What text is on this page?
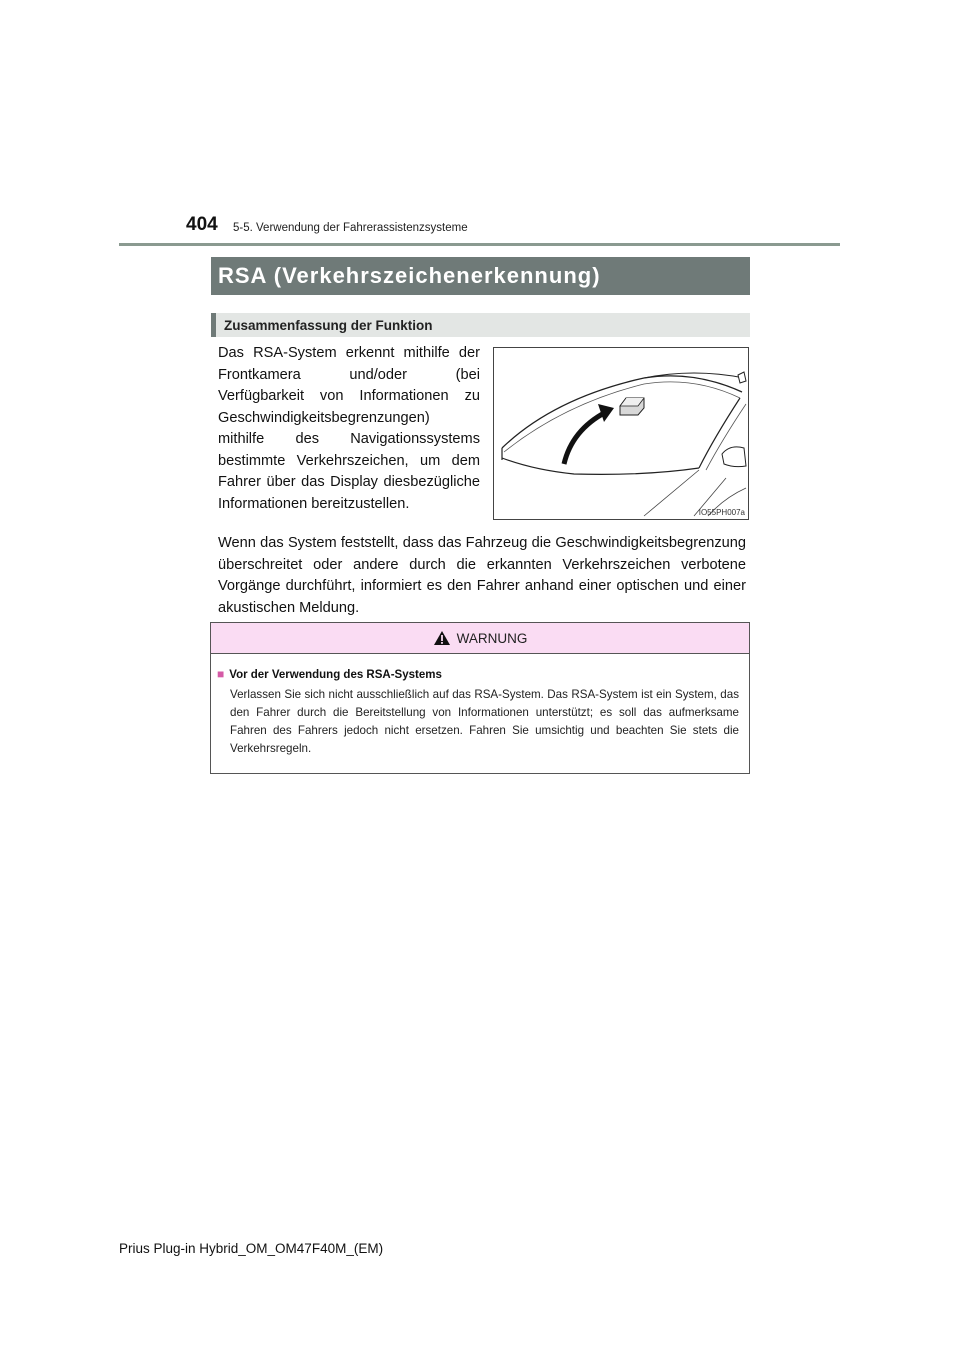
404 5-5. Verwendung der Fahrerassistenzsysteme
RSA (Verkehrszeichenerkennung)
Zusammenfassung der Funktion
Das RSA-System erkennt mithilfe der Frontkamera und/oder (bei Verfügbarkeit von Informationen zu Geschwindigkeitsbegrenzungen) mithilfe des Navigationssystems bestimmte Verkehrszeichen, um dem Fahrer über das Display diesbezügliche Informationen bereitzustellen.
IO55PH007a
Wenn das System feststellt, dass das Fahrzeug die Geschwindigkeitsbegrenzung überschreitet oder andere durch die erkannten Verkehrszeichen verbotene Vorgänge durchführt, informiert es den Fahrer anhand einer optischen und einer akustischen Meldung.
WARNUNG
■ Vor der Verwendung des RSA-Systems
Verlassen Sie sich nicht ausschließlich auf das RSA-System. Das RSA-System ist ein System, das den Fahrer durch die Bereitstellung von Informationen unterstützt; es soll das aufmerksame Fahren des Fahrers jedoch nicht ersetzen. Fahren Sie umsichtig und beachten Sie stets die Verkehrsregeln.
Prius Plug-in Hybrid_OM_OM47F40M_(EM)
